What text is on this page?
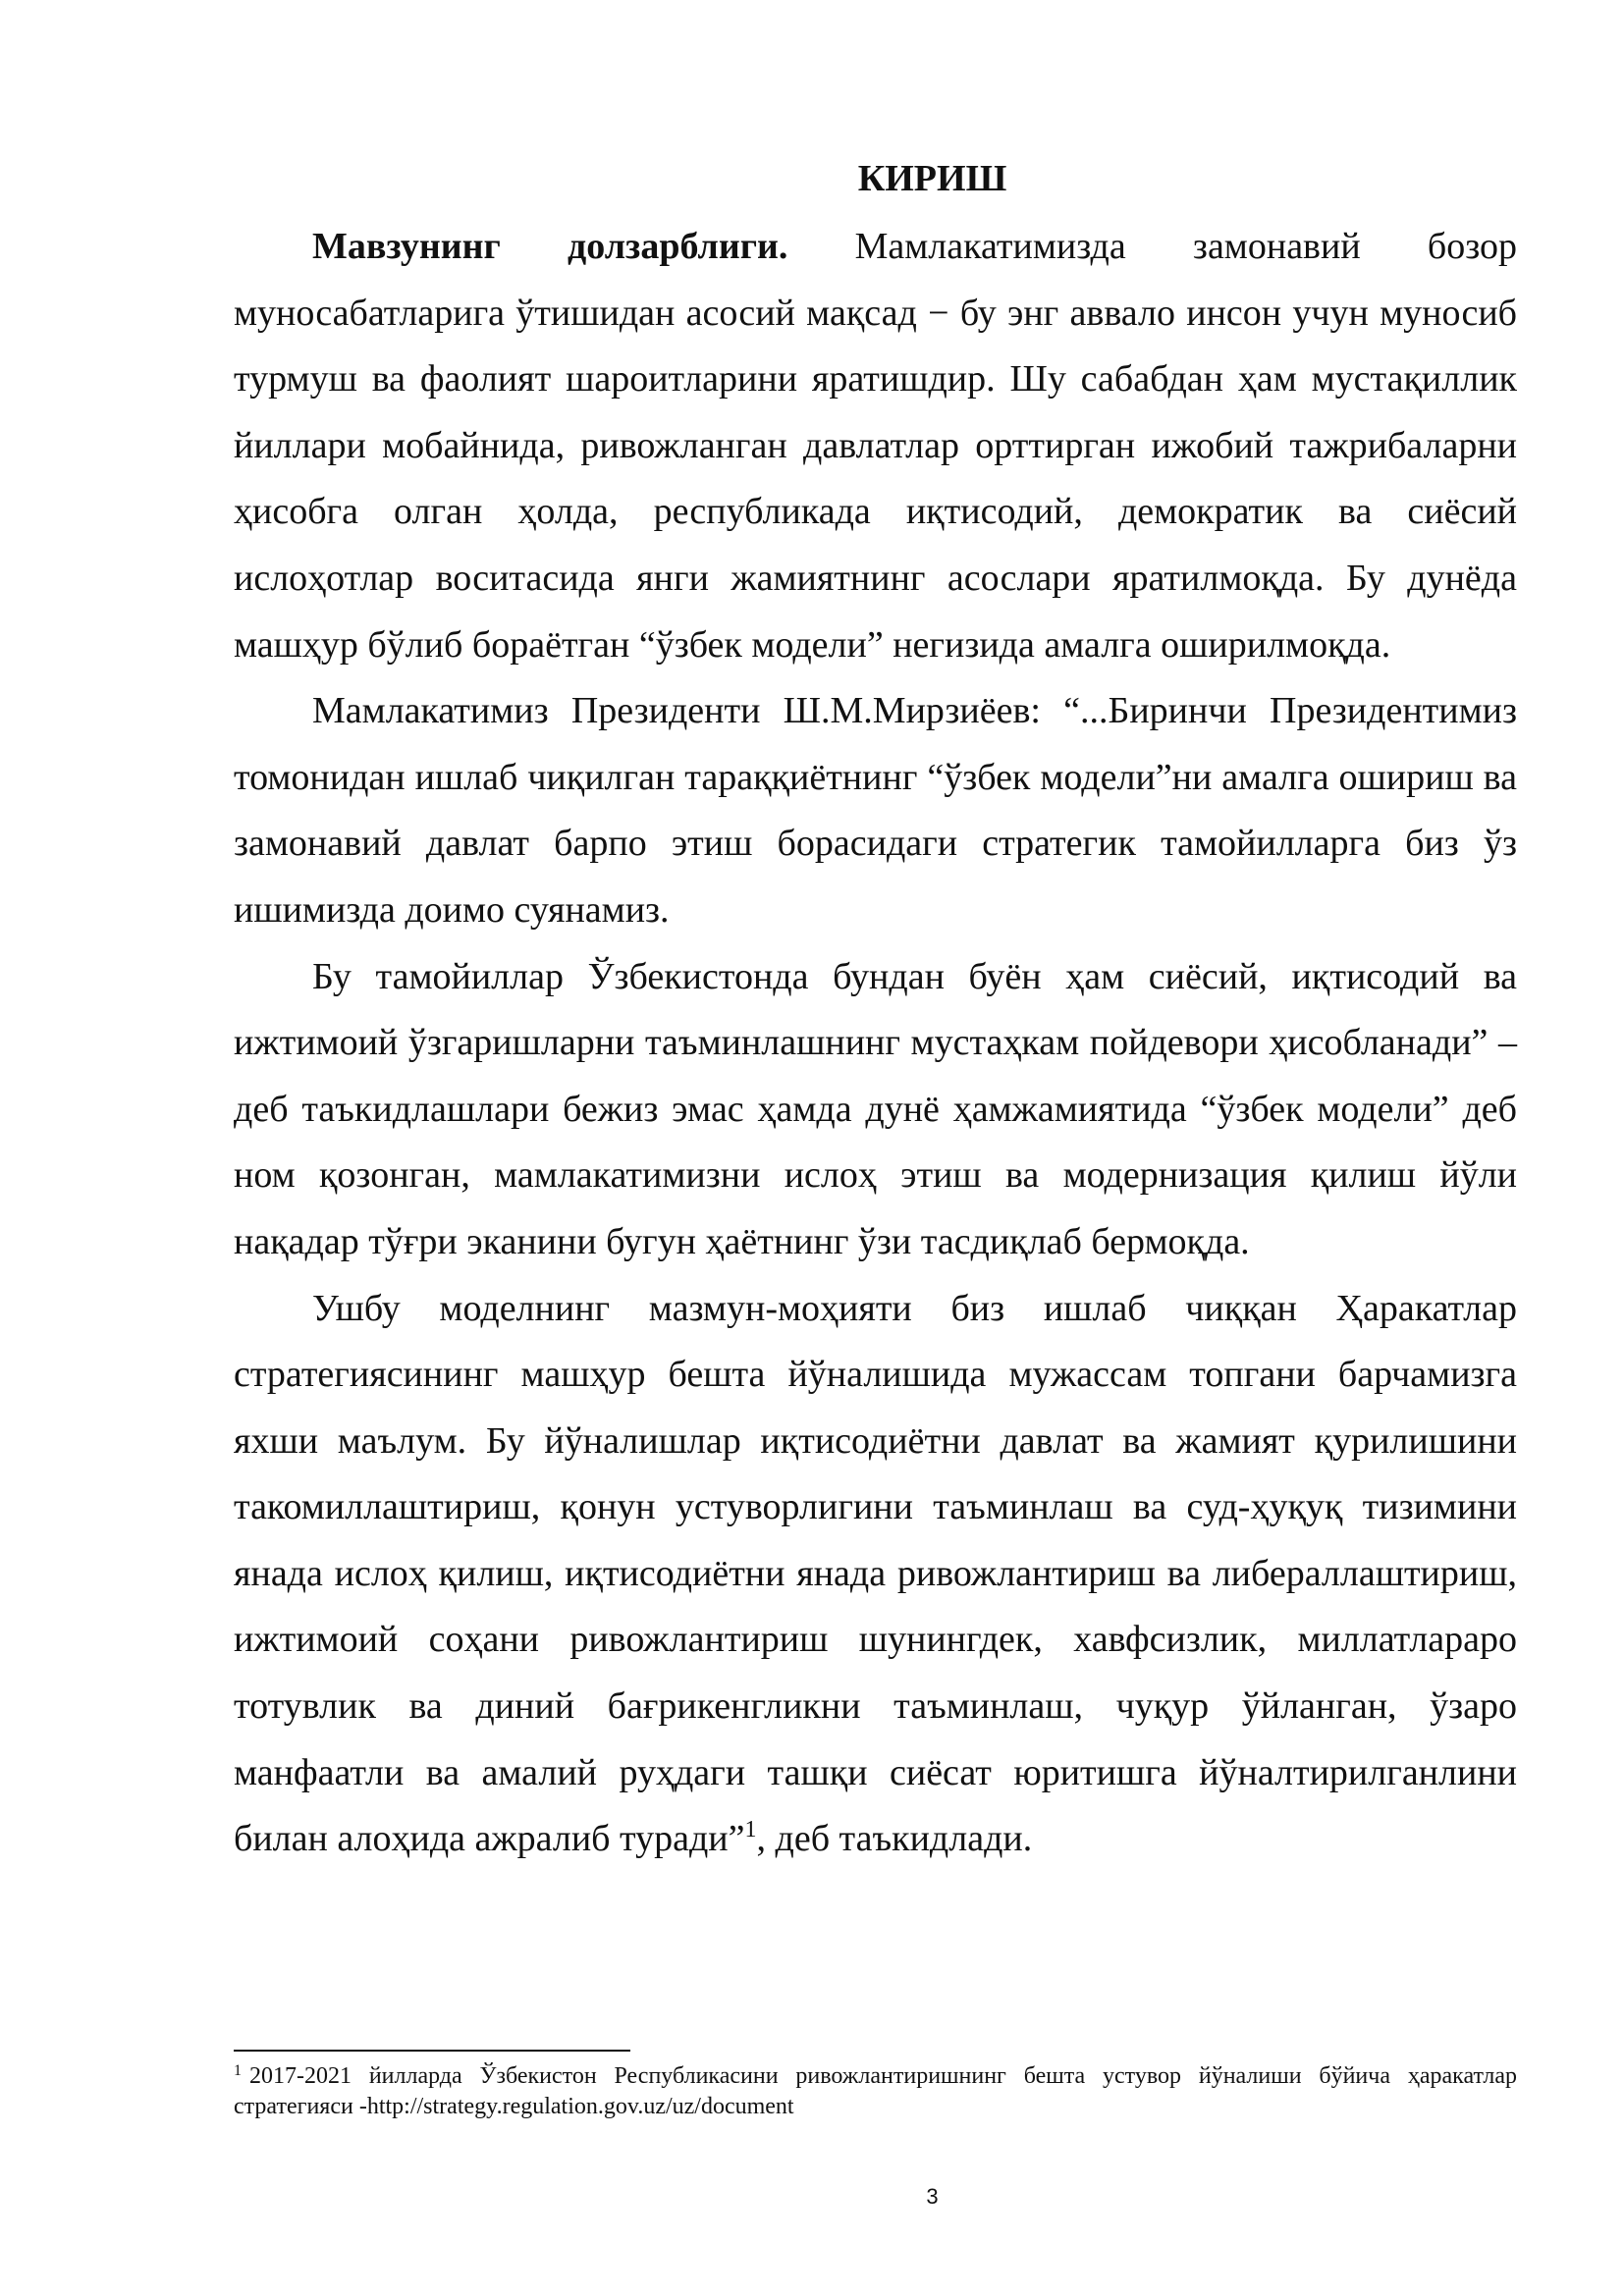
КИРИШ

Мавзунинг долзарблиги. Мамлакатимизда замонавий бозор муносабатларига ўтишидан асосий мақсад − бу энг аввало инсон учун муносиб турмуш ва фаолият шароитларини яратишдир. Шу сабабдан ҳам мустақиллик йиллари мобайнида, ривожланган давлатлар орттирган ижобий тажрибаларни ҳисобга олган ҳолда, республикада иқтисодий, демократик ва сиёсий ислоҳотлар воситасида янги жамиятнинг асослари яратилмоқда. Бу дунёда машҳур бўлиб бораётган “ўзбек модели” негизида амалга оширилмоқда.

Мамлакатимиз Президенти Ш.М.Мирзиёев: “...Биринчи Президентимиз томонидан ишлаб чиқилган тараққиётнинг “ўзбек модели”ни амалга ошириш ва замонавий давлат барпо этиш борасидаги стратегик тамойилларга биз ўз ишимизда доимо суянамиз.

Бу тамойиллар Ўзбекистонда бундан буён ҳам сиёсий, иқтисодий ва ижтимоий ўзгаришларни таъминлашнинг мустаҳкам пойдевори ҳисобланади” – деб таъкидлашлари бежиз эмас ҳамда дунё ҳамжамиятида “ўзбек модели” деб ном қозонган, мамлакатимизни ислоҳ этиш ва модернизация қилиш йўли нақадар тўғри эканини бугун ҳаётнинг ўзи тасдиқлаб бермоқда.

Ушбу моделнинг мазмун-моҳияти биз ишлаб чиққан Ҳаракатлар стратегиясининг машҳур бешта йўналишида мужассам топгани барчамизга яхши маълум. Бу йўналишлар иқтисодиётни давлат ва жамият қурилишини такомиллаштириш, қонун устуворлигини таъминлаш ва суд-ҳуқуқ тизимини янада ислоҳ қилиш, иқтисодиётни янада ривожлантириш ва либераллаштириш, ижтимоий соҳани ривожлантириш шунингдек, хавфсизлик, миллатлараро тотувлик ва диний бағрикенгликни таъминлаш, чуқур ўйланган, ўзаро манфаатли ва амалий руҳдаги ташқи сиёсат юритишга йўналтирилганлини билан алоҳида ажралиб туради”$^1$, деб таъкидлади.

$^1$ 2017-2021 йилларда Ўзбекистон Республикасини ривожлантиришнинг бешта устувор йўналиши бўйича ҳаракатлар стратегияси -http://strategy.regulation.gov.uz/uz/document

3
